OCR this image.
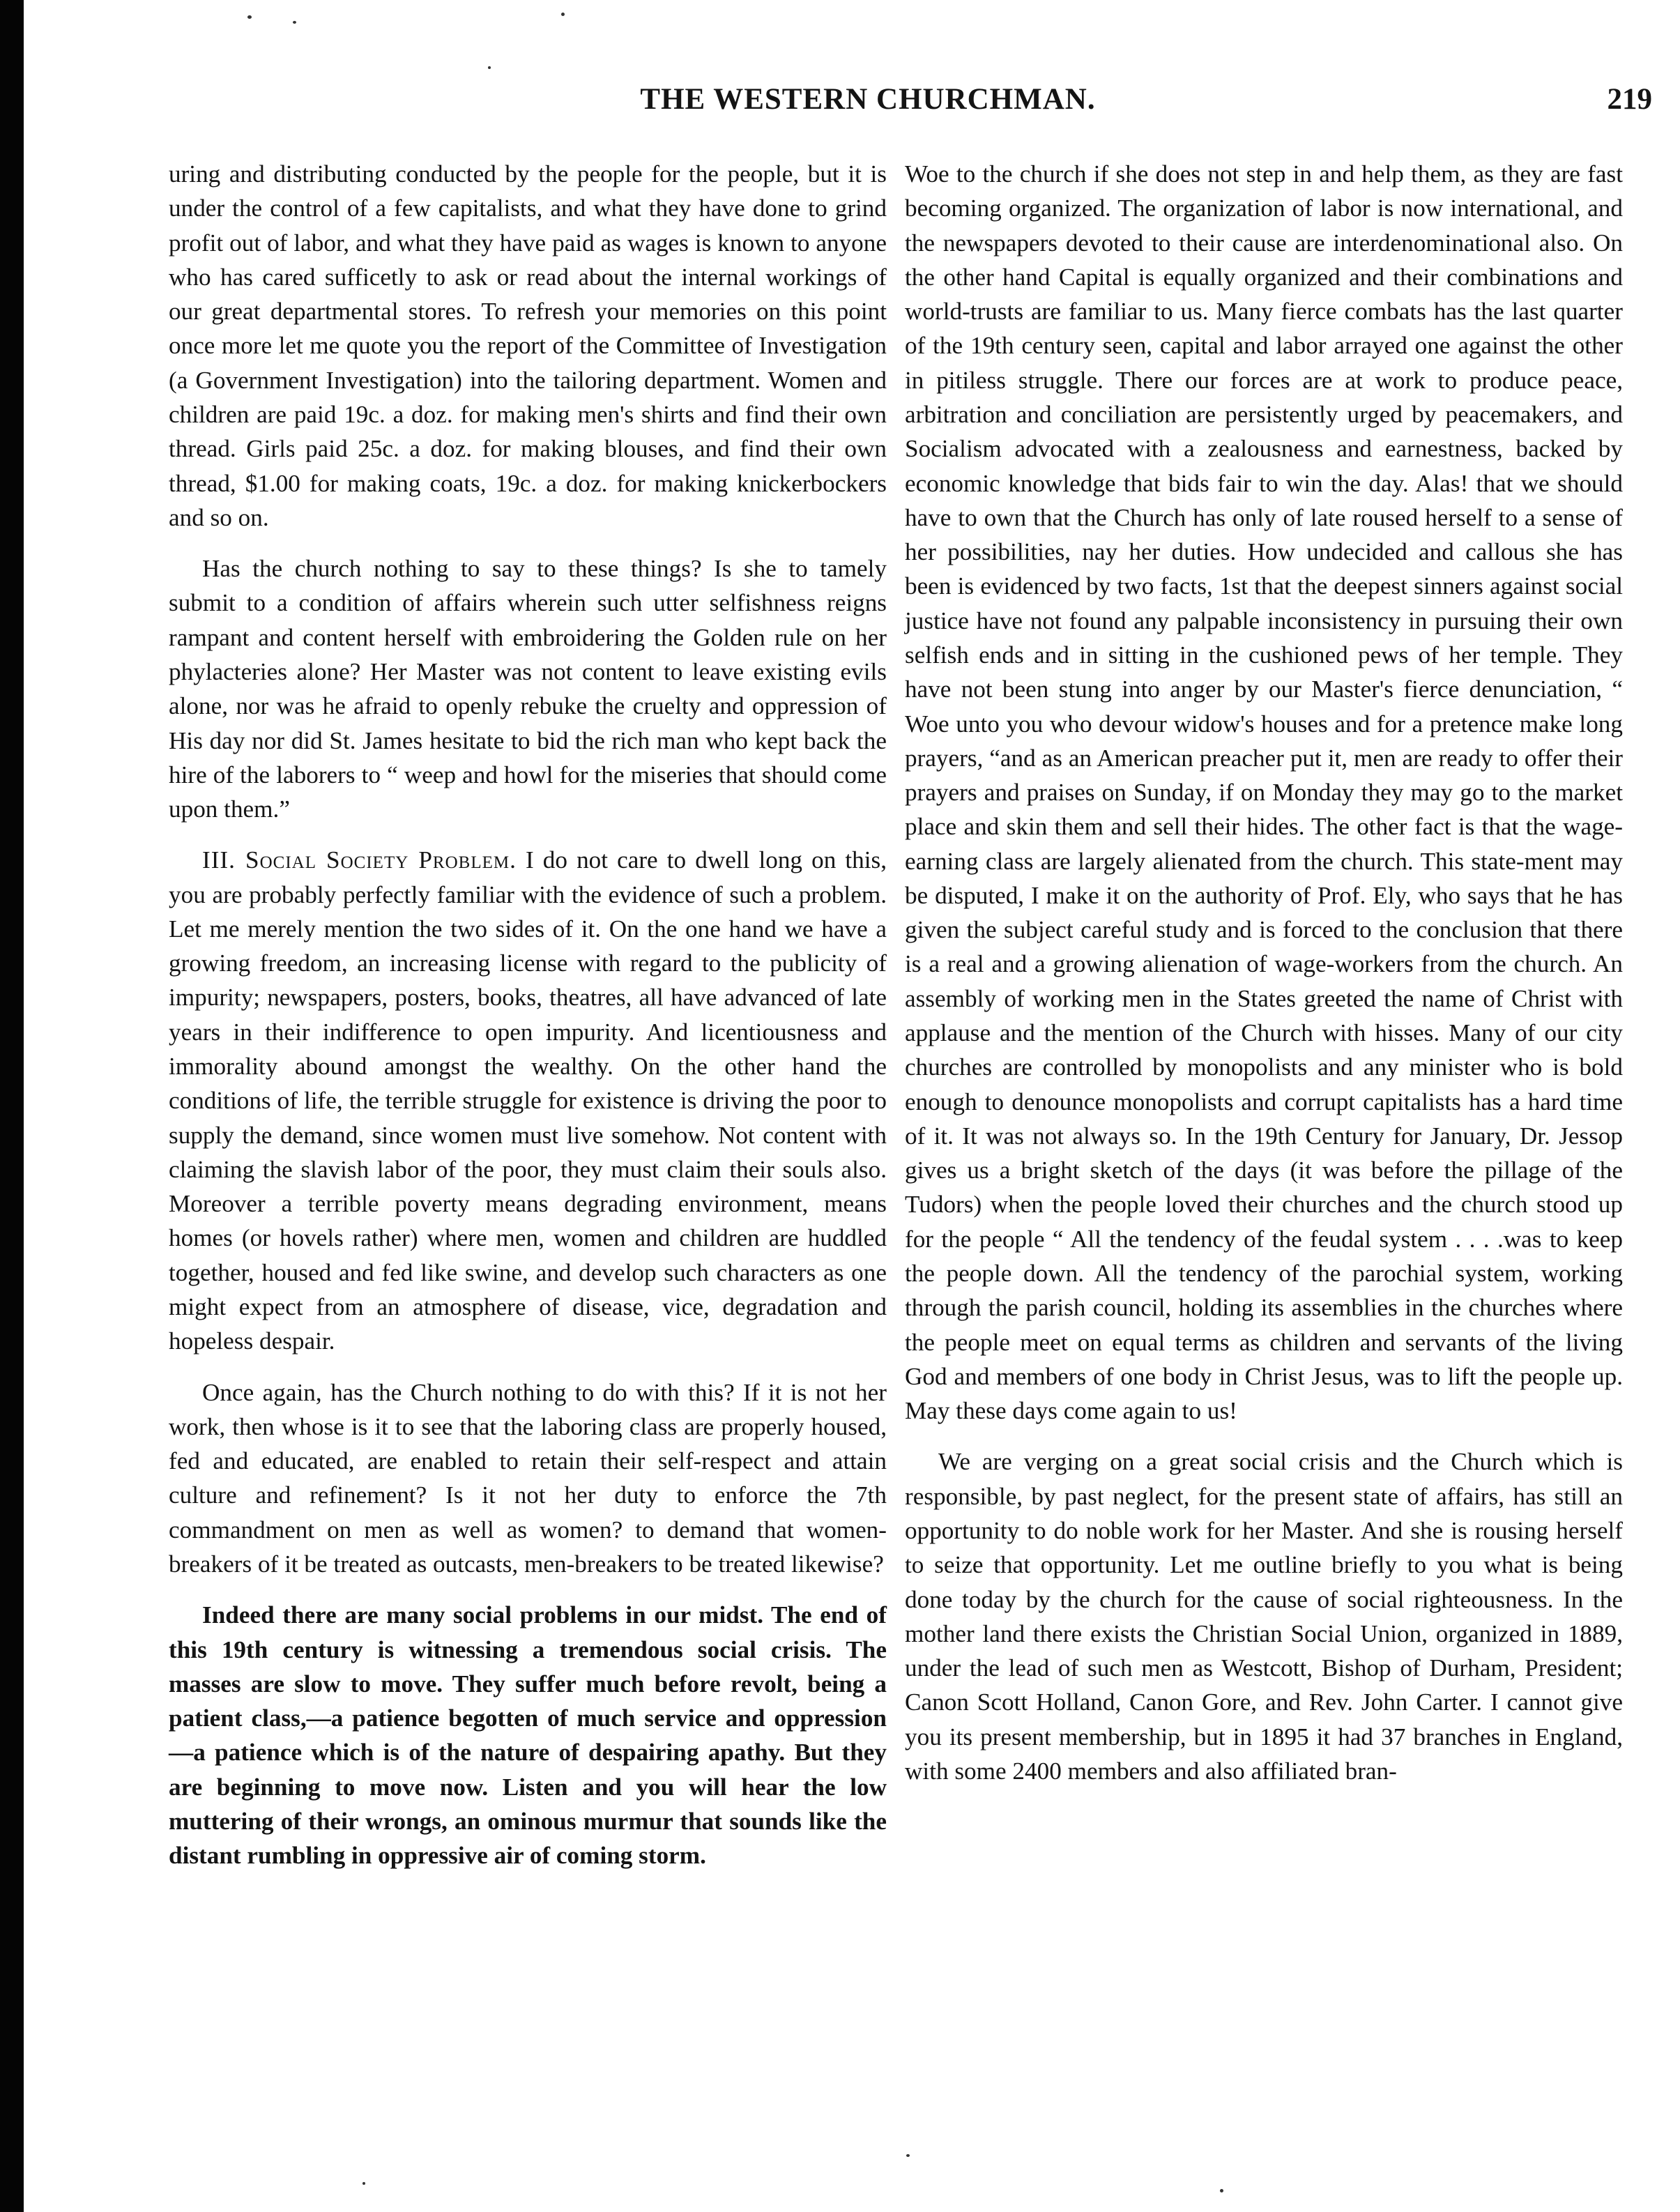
THE WESTERN CHURCHMAN.	219

uring and distributing conducted by the people for the people, but it is under the control of a few capitalists, and what they have done to grind profit out of labor, and what they have paid as wages is known to anyone who has cared sufficetly to ask or read about the internal workings of our great departmental stores. To refresh your memories on this point once more let me quote you the report of the Committee of Investigation (a Government Investigation) into the tailoring department. Women and children are paid 19c. a doz. for making men's shirts and find their own thread. Girls paid 25c. a doz. for making blouses, and find their own thread, $1.00 for making coats, 19c. a doz. for making knickerbockers and so on.

Has the church nothing to say to these things? Is she to tamely submit to a condition of affairs wherein such utter selfishness reigns rampant and content herself with embroidering the Golden rule on her phylacteries alone? Her Master was not content to leave existing evils alone, nor was he afraid to openly rebuke the cruelty and oppression of His day nor did St. James hesitate to bid the rich man who kept back the hire of the laborers to “ weep and howl for the miseries that should come upon them.”

III. Social Society Problem. I do not care to dwell long on this, you are probably perfectly familiar with the evidence of such a problem. Let me merely mention the two sides of it. On the one hand we have a growing freedom, an increasing license with regard to the publicity of impurity; newspapers, posters, books, theatres, all have advanced of late years in their indifference to open impurity. And licentiousness and immorality abound amongst the wealthy. On the other hand the conditions of life, the terrible struggle for existence is driving the poor to supply the demand, since women must live somehow. Not content with claiming the slavish labor of the poor, they must claim their souls also. Moreover a terrible poverty means degrading environment, means homes (or hovels rather) where men, women and children are huddled together, housed and fed like swine, and develop such characters as one might expect from an atmosphere of disease, vice, degradation and hopeless despair.

Once again, has the Church nothing to do with this? If it is not her work, then whose is it to see that the laboring class are properly housed, fed and educated, are enabled to retain their self-respect and attain culture and refinement? Is it not her duty to enforce the 7th commandment on men as well as women? to demand that women-breakers of it be treated as outcasts, men-breakers to be treated likewise?

Indeed there are many social problems in our midst. The end of this 19th century is witnessing a tremendous social crisis. The masses are slow to move. They suffer much before revolt, being a patient class,—a patience begotten of much service and oppression—a patience which is of the nature of despairing apathy. But they are beginning to move now. Listen and you will hear the low muttering of their wrongs, an ominous murmur that sounds like the distant rumbling in oppressive air of coming storm.

Woe to the church if she does not step in and help them, as they are fast becoming organized. The organization of labor is now international, and the newspapers devoted to their cause are interdenominational also. On the other hand Capital is equally organized and their combinations and world-trusts are familiar to us. Many fierce combats has the last quarter of the 19th century seen, capital and labor arrayed one against the other in pitiless struggle. There our forces are at work to produce peace, arbitration and conciliation are persistently urged by peacemakers, and Socialism advocated with a zealousness and earnestness, backed by economic knowledge that bids fair to win the day. Alas! that we should have to own that the Church has only of late roused herself to a sense of her possibilities, nay her duties. How undecided and callous she has been is evidenced by two facts, 1st that the deepest sinners against social justice have not found any palpable inconsistency in pursuing their own selfish ends and in sitting in the cushioned pews of her temple. They have not been stung into anger by our Master's fierce denunciation, “ Woe unto you who devour widow's houses and for a pretence make long prayers, “and as an American preacher put it, men are ready to offer their prayers and praises on Sunday, if on Monday they may go to the market place and skin them and sell their hides. The other fact is that the wage-earning class are largely alienated from the church. This state-ment may be disputed, I make it on the authority of Prof. Ely, who says that he has given the subject careful study and is forced to the conclusion that there is a real and a growing alienation of wage-workers from the church. An assembly of working men in the States greeted the name of Christ with applause and the mention of the Church with hisses. Many of our city churches are controlled by monopolists and any minister who is bold enough to denounce monopolists and corrupt capitalists has a hard time of it. It was not always so. In the 19th Century for January, Dr. Jessop gives us a bright sketch of the days (it was before the pillage of the Tudors) when the people loved their churches and the church stood up for the people “ All the tendency of the feudal system . . . .was to keep the people down. All the tendency of the parochial system, working through the parish council, holding its assemblies in the churches where the people meet on equal terms as children and servants of the living God and members of one body in Christ Jesus, was to lift the people up. May these days come again to us!

We are verging on a great social crisis and the Church which is responsible, by past neglect, for the present state of affairs, has still an opportunity to do noble work for her Master. And she is rousing herself to seize that opportunity. Let me outline briefly to you what is being done today by the church for the cause of social righteousness. In the mother land there exists the Christian Social Union, organized in 1889, under the lead of such men as Westcott, Bishop of Durham, President; Canon Scott Holland, Canon Gore, and Rev. John Carter. I cannot give you its present membership, but in 1895 it had 37 branches in England, with some 2400 members and also affiliated bran-
